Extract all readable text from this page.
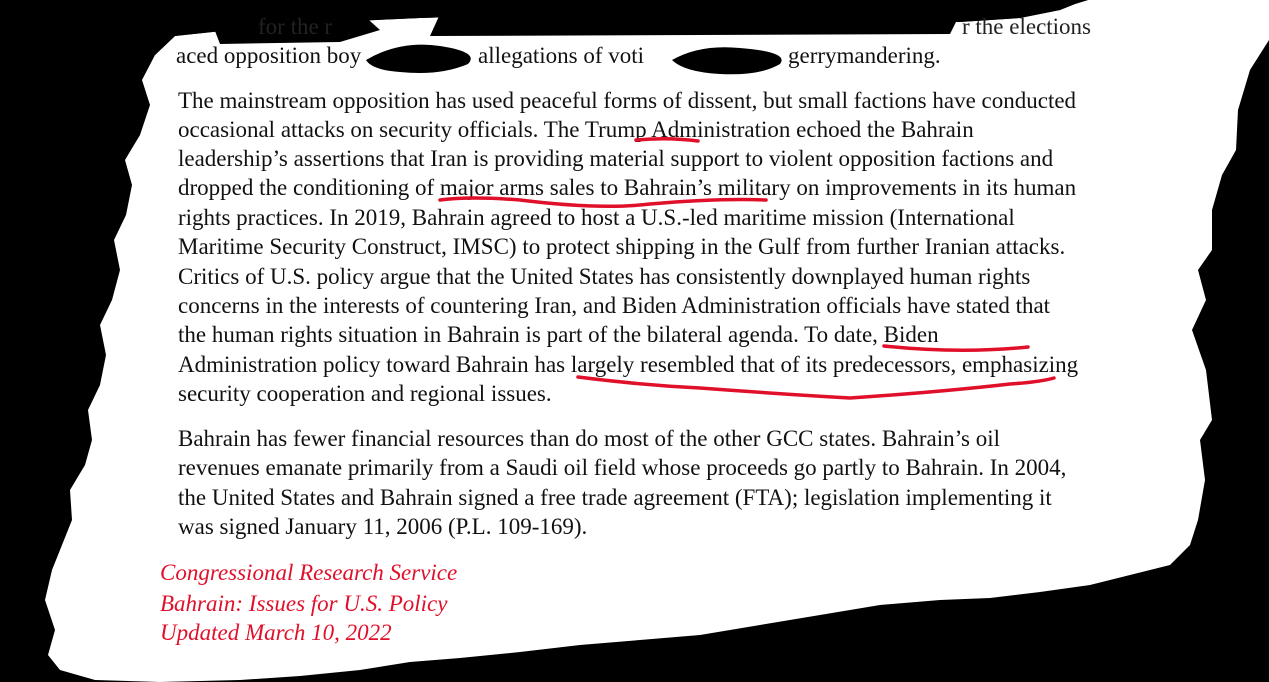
for the r	r the elections
aced opposition boy	allegations of voti	gerrymandering.
The mainstream opposition has used peaceful forms of dissent, but small factions have conducted
occasional attacks on security officials. The Trump Administration echoed the Bahrain
leadership’s assertions that Iran is providing material support to violent opposition factions and
dropped the conditioning of major arms sales to Bahrain’s military on improvements in its human
rights practices. In 2019, Bahrain agreed to host a U.S.-led maritime mission (International
Maritime Security Construct, IMSC) to protect shipping in the Gulf from further Iranian attacks.
Critics of U.S. policy argue that the United States has consistently downplayed human rights
concerns in the interests of countering Iran, and Biden Administration officials have stated that
the human rights situation in Bahrain is part of the bilateral agenda. To date, Biden
Administration policy toward Bahrain has largely resembled that of its predecessors, emphasizing
security cooperation and regional issues.
Bahrain has fewer financial resources than do most of the other GCC states. Bahrain’s oil
revenues emanate primarily from a Saudi oil field whose proceeds go partly to Bahrain. In 2004,
the United States and Bahrain signed a free trade agreement (FTA); legislation implementing it
was signed January 11, 2006 (P.L. 109-169).
Congressional Research Service
Bahrain: Issues for U.S. Policy
Updated March 10, 2022
